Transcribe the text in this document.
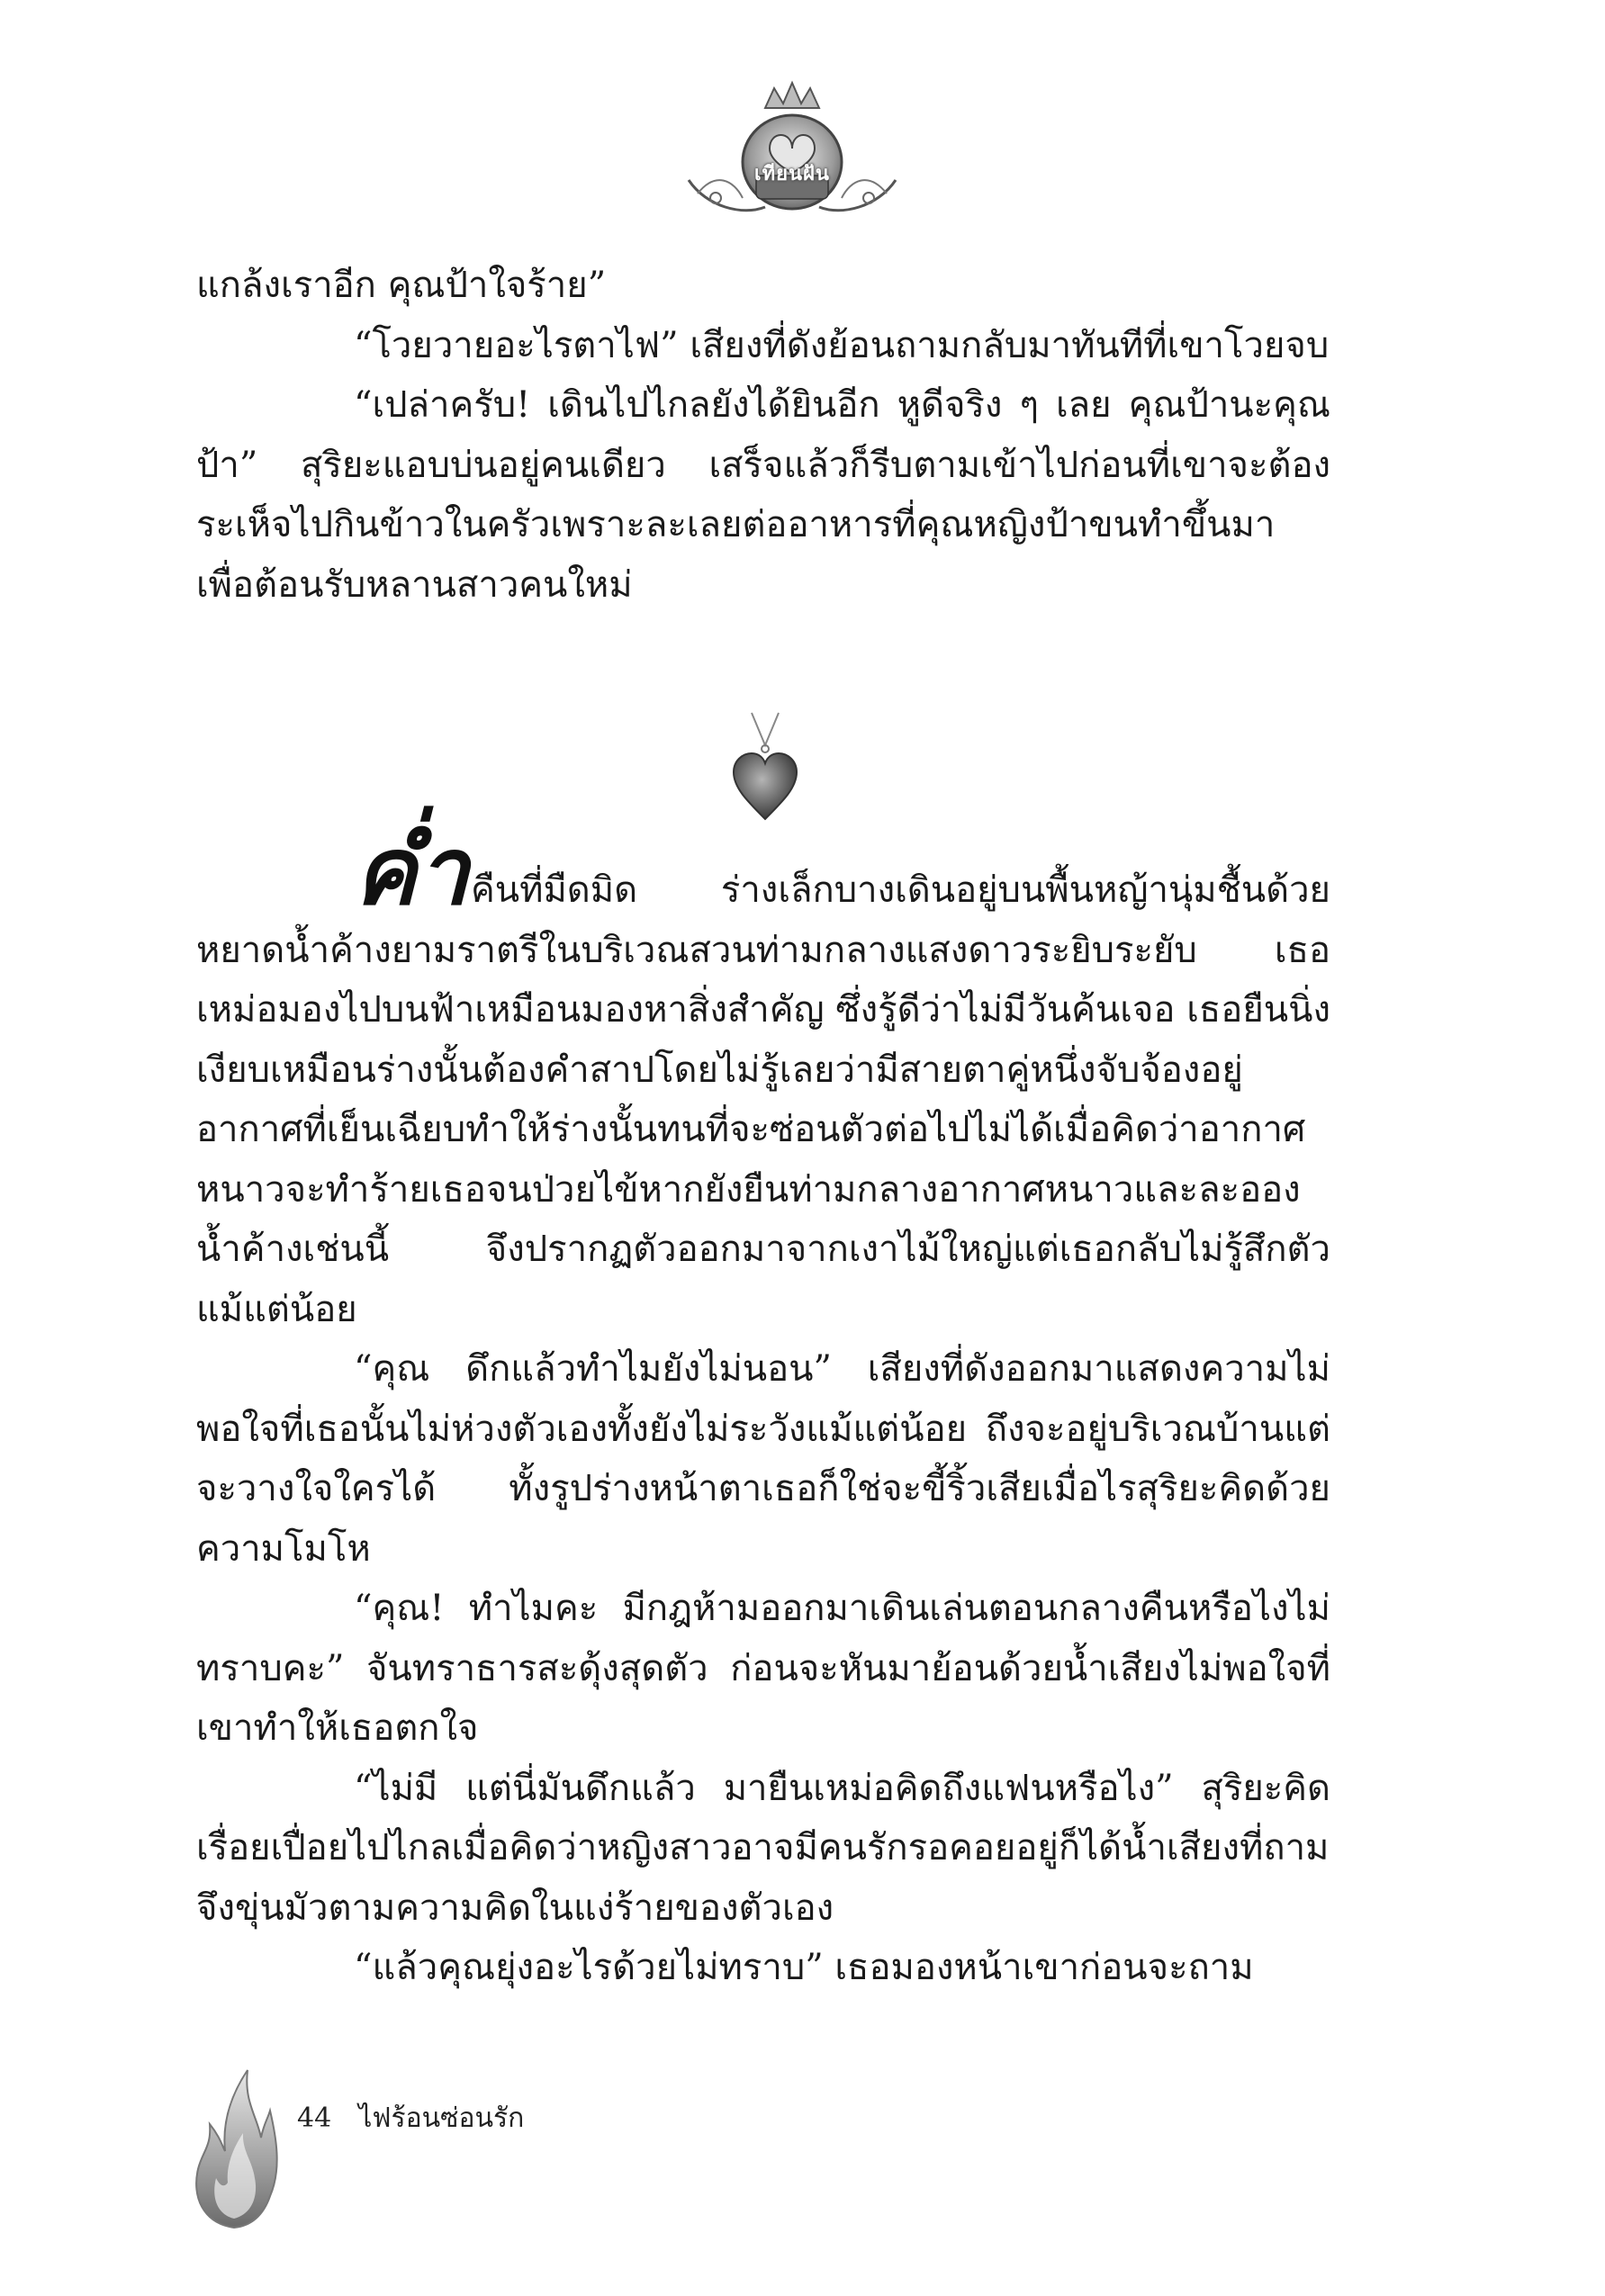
เทียนฝัน

แกล้งเราอีก คุณป้าใจร้าย”

“โวยวายอะไรตาไฟ” เสียงที่ดังย้อนถามกลับมาทันทีที่เขาโวยจบ

“เปล่าครับ! เดินไปไกลยังได้ยินอีก หูดีจริง ๆ เลย คุณป้านะคุณป้า” สุริยะแอบบ่นอยู่คนเดียว เสร็จแล้วก็รีบตามเข้าไปก่อนที่เขาจะต้องระเห็จไปกินข้าวในครัวเพราะละเลยต่ออาหารที่คุณหญิงป้าขนทำขึ้นมาเพื่อต้อนรับหลานสาวคนใหม่

ค่ำคืนที่มืดมิด ร่างเล็กบางเดินอยู่บนพื้นหญ้านุ่มชื้นด้วยหยาดน้ำค้างยามราตรีในบริเวณสวนท่ามกลางแสงดาวระยิบระยับ เธอเหม่อมองไปบนฟ้าเหมือนมองหาสิ่งสำคัญ ซึ่งรู้ดีว่าไม่มีวันค้นเจอ เธอยืนนิ่งเงียบเหมือนร่างนั้นต้องคำสาปโดยไม่รู้เลยว่ามีสายตาคู่หนึ่งจับจ้องอยู่ อากาศที่เย็นเฉียบทำให้ร่างนั้นทนที่จะซ่อนตัวต่อไปไม่ได้เมื่อคิดว่าอากาศหนาวจะทำร้ายเธอจนป่วยไข้หากยังยืนท่ามกลางอากาศหนาวและละอองน้ำค้างเช่นนี้ จึงปรากฏตัวออกมาจากเงาไม้ใหญ่แต่เธอกลับไม่รู้สึกตัวแม้แต่น้อย

“คุณ ดึกแล้วทำไมยังไม่นอน” เสียงที่ดังออกมาแสดงความไม่พอใจที่เธอนั้นไม่ห่วงตัวเองทั้งยังไม่ระวังแม้แต่น้อย ถึงจะอยู่บริเวณบ้านแต่จะวางใจใครได้ ทั้งรูปร่างหน้าตาเธอก็ใช่จะขี้ริ้วเสียเมื่อไรสุริยะคิดด้วยความโมโห

“คุณ! ทำไมคะ มีกฎห้ามออกมาเดินเล่นตอนกลางคืนหรือไงไม่ทราบคะ” จันทราธารสะดุ้งสุดตัว ก่อนจะหันมาย้อนด้วยน้ำเสียงไม่พอใจที่เขาทำให้เธอตกใจ

“ไม่มี แต่นี่มันดึกแล้ว มายืนเหม่อคิดถึงแฟนหรือไง” สุริยะคิดเรื่อยเปื่อยไปไกลเมื่อคิดว่าหญิงสาวอาจมีคนรักรอคอยอยู่ก็ได้น้ำเสียงที่ถามจึงขุ่นมัวตามความคิดในแง่ร้ายของตัวเอง

“แล้วคุณยุ่งอะไรด้วยไม่ทราบ” เธอมองหน้าเขาก่อนจะถาม

44 ไฟร้อนซ่อนรัก
